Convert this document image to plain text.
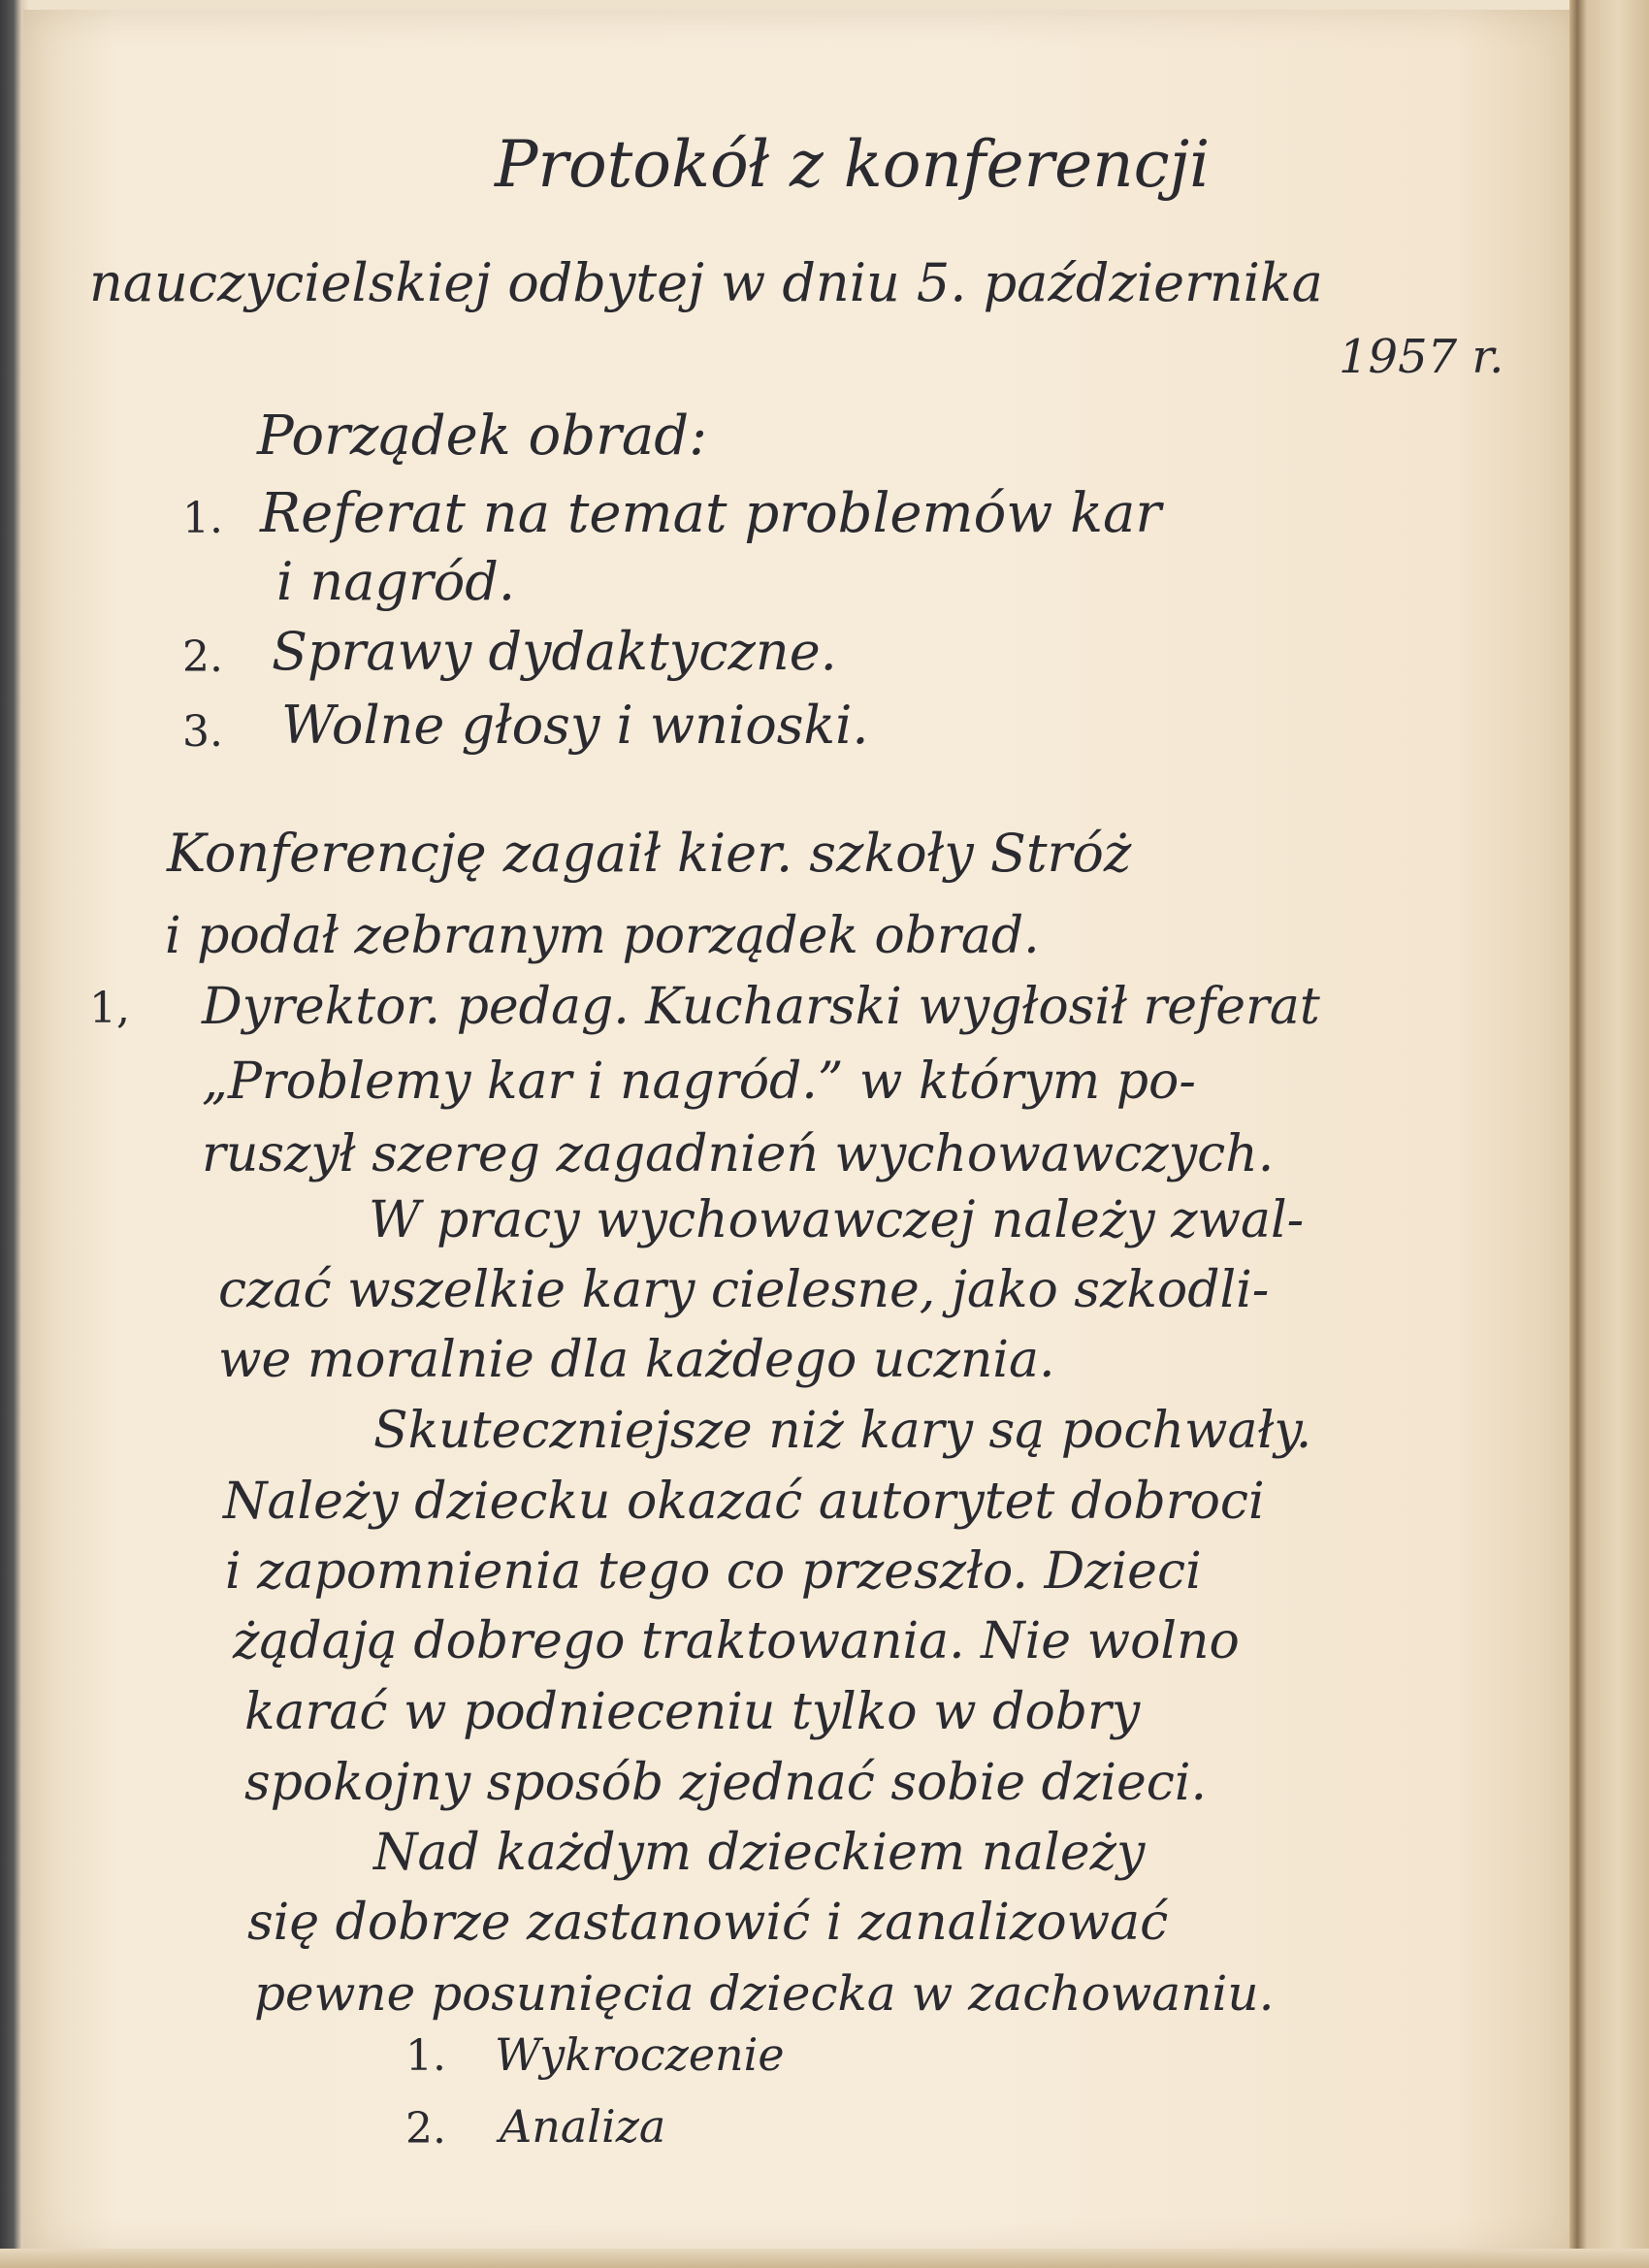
Protokół z konferencji
nauczycielskiej odbytej w dniu 5. października
1957 r.
Porządek obrad:
1. Referat na temat problemów kar
i nagród.
2. Sprawy dydaktyczne.
3. Wolne głosy i wnioski.
Konferencję zagaił kier. szkoły Stróż
i podał zebranym porządek obrad.
1, Dyrektor. pedag. Kucharski wygłosił referat
„Problemy kar i nagród.” w którym po-
ruszył szereg zagadnień wychowawczych.
W pracy wychowawczej należy zwal-
czać wszelkie kary cielesne, jako szkodli-
we moralnie dla każdego ucznia.
Skuteczniejsze niż kary są pochwały.
Należy dziecku okazać autorytet dobroci
i zapomnienia tego co przeszło. Dzieci
żądają dobrego traktowania. Nie wolno
karać w podnieceniu tylko w dobry
spokojny sposób zjednać sobie dzieci.
Nad każdym dzieckiem należy
się dobrze zastanowić i zanalizować
pewne posunięcia dziecka w zachowaniu.
1. Wykroczenie
2. Analiza
